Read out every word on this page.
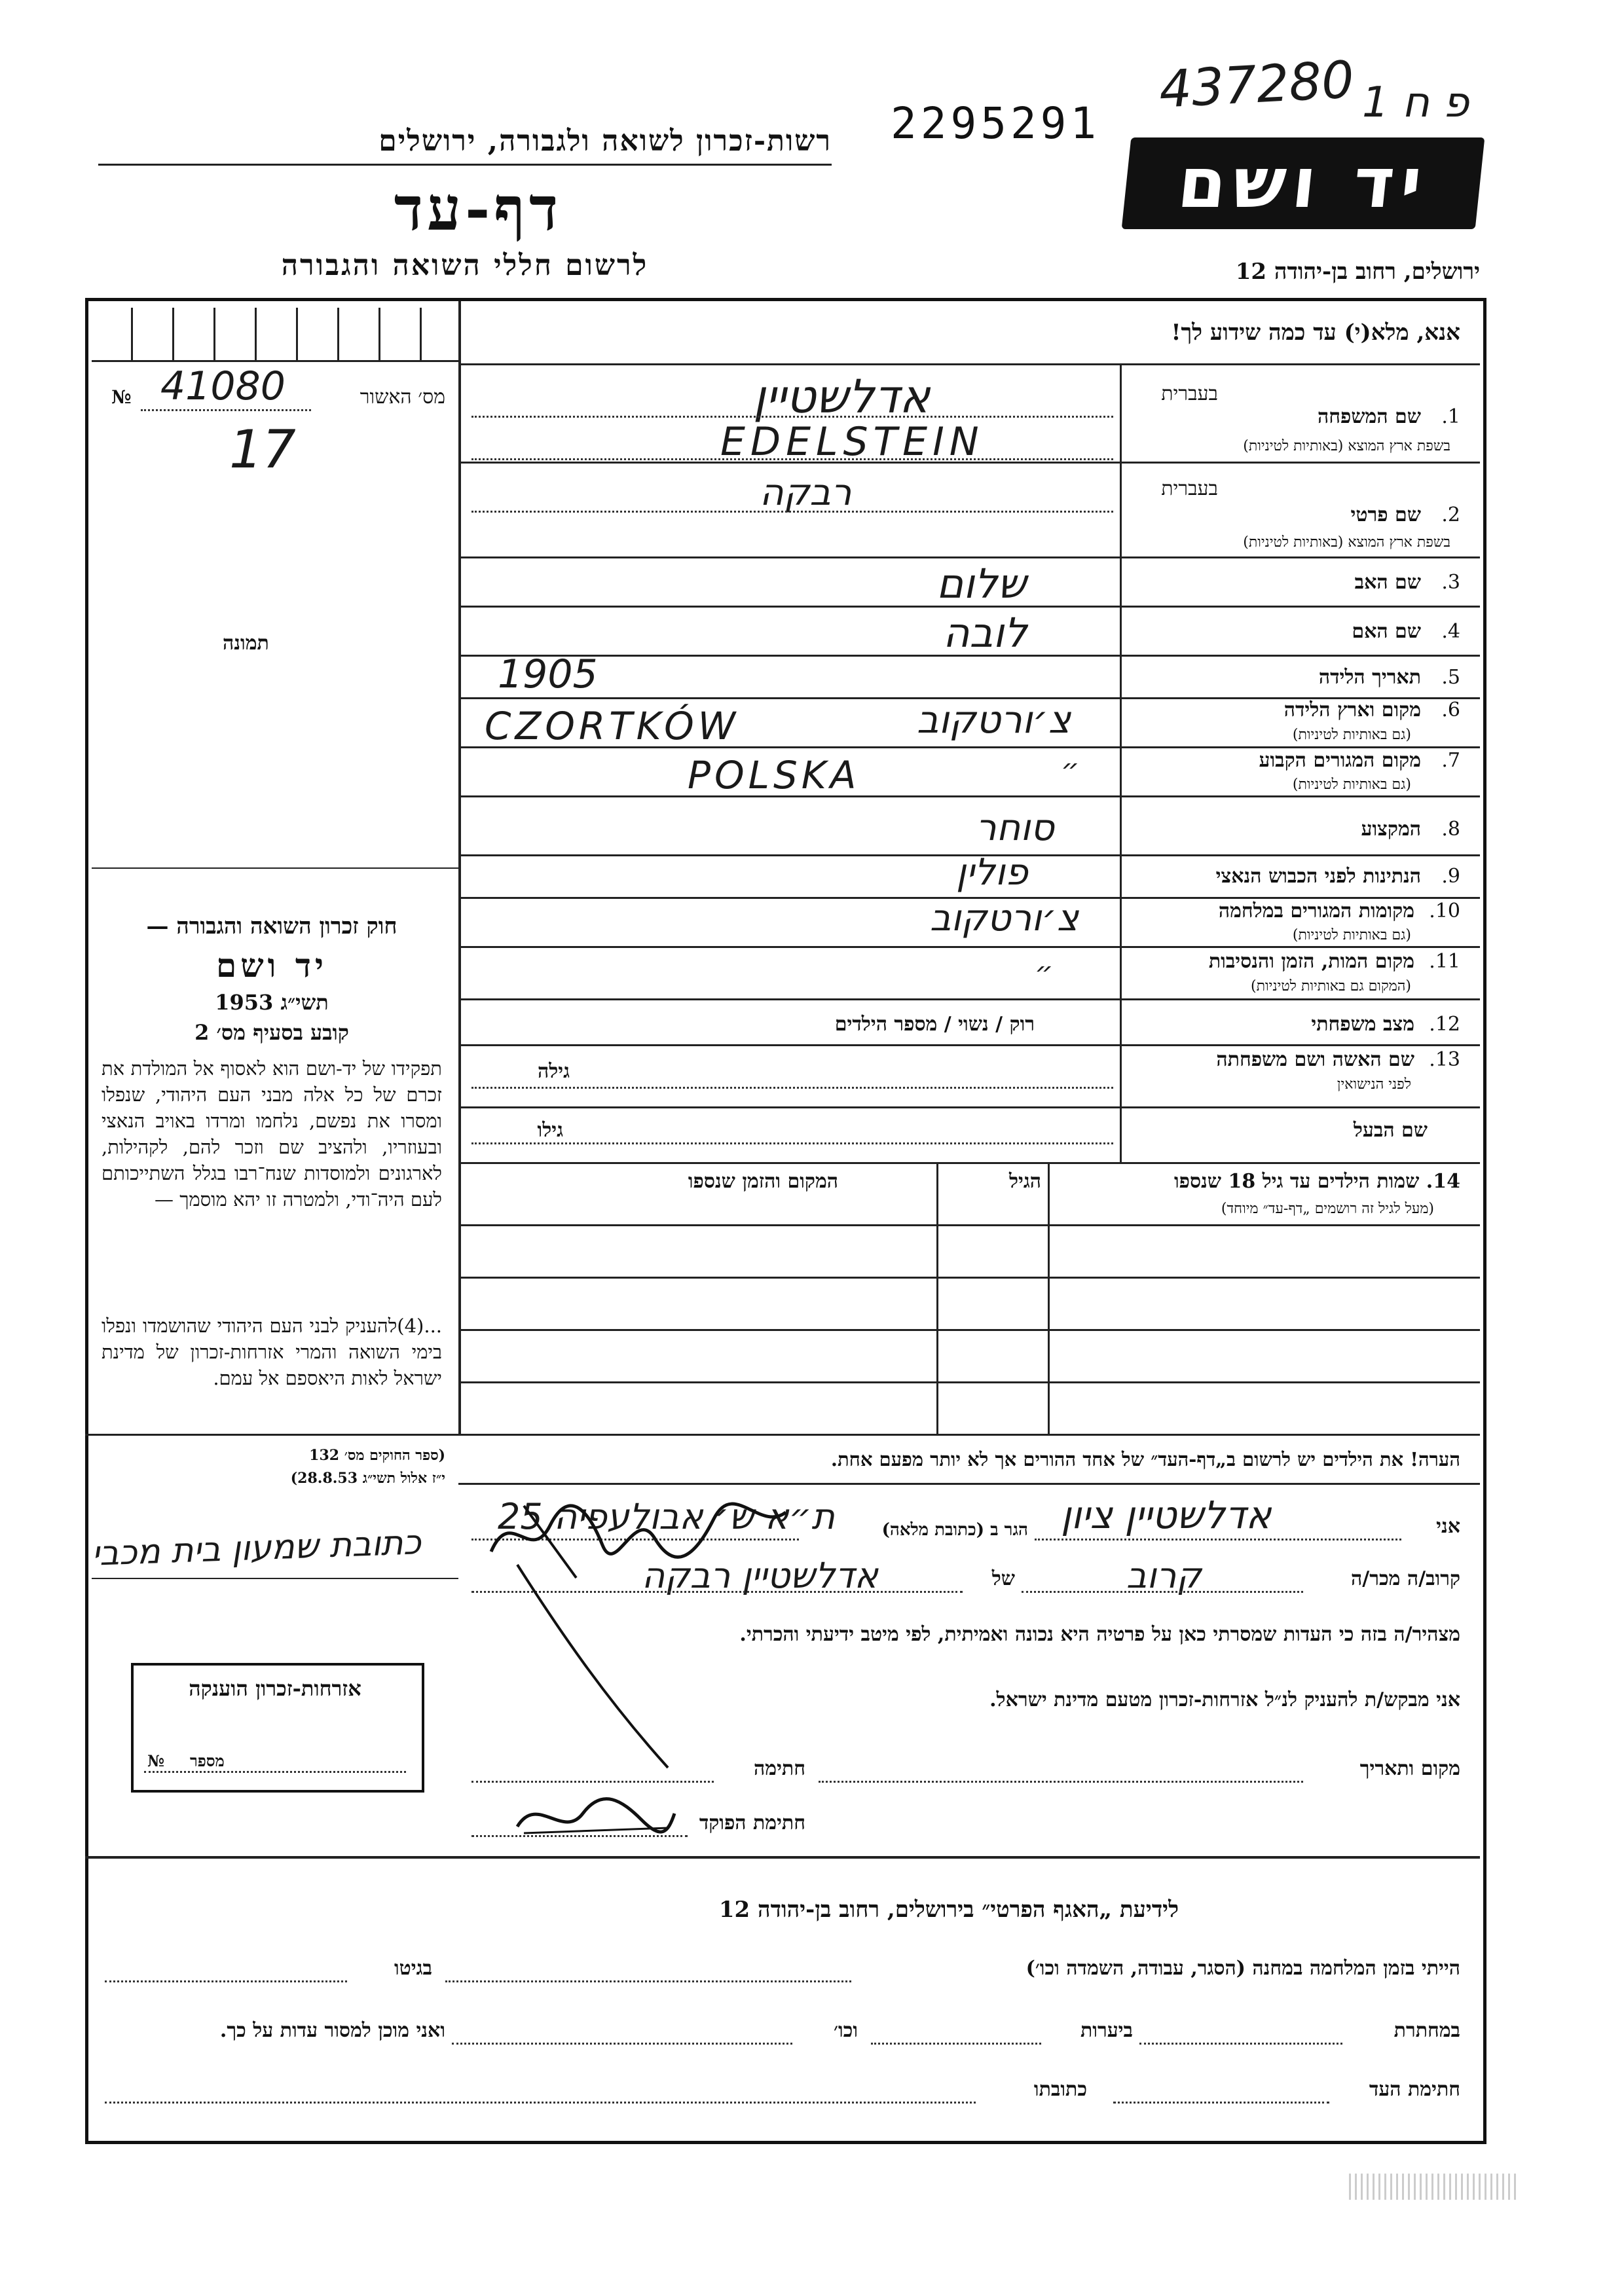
רשות-זכרון לשואה ולגבורה, ירושלים
דף-עד
לרשום חללי השואה והגבורה
2295291
437280 פ ח 1
יד ושם
ירושלים, רחוב בן-יהודה 12
אנא, מלא(י) עד כמה שידוע לך!
מס׳ האשור
№ 41080
17
תמונה
בעברית
1.
שם המשפחה
בשפת ארץ המוצא (באותיות לטיניות)
אדלשטיין
EDELSTEIN
בעברית
2.
שם פרטי
בשפת ארץ המוצא (באותיות לטיניות)
רבקה
3.
שם האב
שלום
4.
שם האם
לובה
5.
תאריך הלידה
1905
6.
מקום וארץ הלידה
(גם באותיות לטיניות)
CZORTKÓW	צ׳ורטקוב
7.
מקום המגורים הקבוע
(גם באותיות לטיניות)
POLSKA	״
8.
המקצוע
סוחר
9.
הנתינות לפני הכבוש הנאצי
פולין
10.
מקומות המגורים במלחמה
(גם באותיות לטיניות)
צ׳ורטקוב
11.
מקום המות, הזמן והנסיבות
(המקום גם באותיות לטיניות)
״
12.
מצב משפחתי
רוק / נשוי / מספר הילדים
13.
שם האשה ושם משפחתה
לפני הנישואין
גילה
שם הבעל
גילו
14. שמות הילדים עד גיל 18 שנספו
(מעל לגיל זה רושמים „דף-עד״ מיוחד)
הגיל
המקום והזמן שנספו
חוק זכרון השואה והגבורה —
יד ושם
תשי״ג 1953
קובע בסעיף מס׳ 2
תפקידו של יד-ושם הוא לאסוף אל המולדת את זכרם של כל אלה מבני העם היהודי, שנפלו ומסרו את נפשם, נלחמו ומרדו באויב הנאצי ובעוזריו, ולהציב שם וזכר להם, לקהילות, לארגונים ולמוסדות שנח־רבו בגלל השתייכותם לעם היה־ודי, ולמטרה זו יהא מוסמך —
...(4)להעניק לבני העם היהודי שהושמדו ונפלו בימי השואה והמרי אזרחות-זכרון של מדינת ישראל לאות היאספם אל עמם.
(ספר החוקים מס׳ 132
י״ז אלול תשי״ג 28.8.53)
הערה! את הילדים יש לרשום ב„דף-העד״ של אחד ההורים אך לא יותר מפעם אחת.
אני
אדלשטיין ציון
הגר ב (כתובת מלאה)
ת״א ש׳ אבולעפיה 25
קרוב/ה מכר/ה
קרוב
של
אדלשטיין רבקה
מצהיר/ה בזה כי העדות שמסרתי כאן על פרטיה היא נכונה ואמיתית, לפי מיטב ידיעתי והכרתי.
אני מבקש/ת להעניק לנ״ל אזרחות-זכרון מטעם מדינת ישראל.
מקום ותאריך
חתימה
חתימת הפוקד
כתובת שמעון בית מכבי
אזרחות-זכרון הוענקה
מספר
№
לידיעת „האגף הפרטי״ בירושלים, רחוב בן-יהודה 12
הייתי בזמן המלחמה במחנה (הסגר, עבודה, השמדה וכו׳)
בגיטו
במחתרת
ביערות
וכו׳
ואני מוכן למסור עדות על כך.
חתימת העד
כתובתו
